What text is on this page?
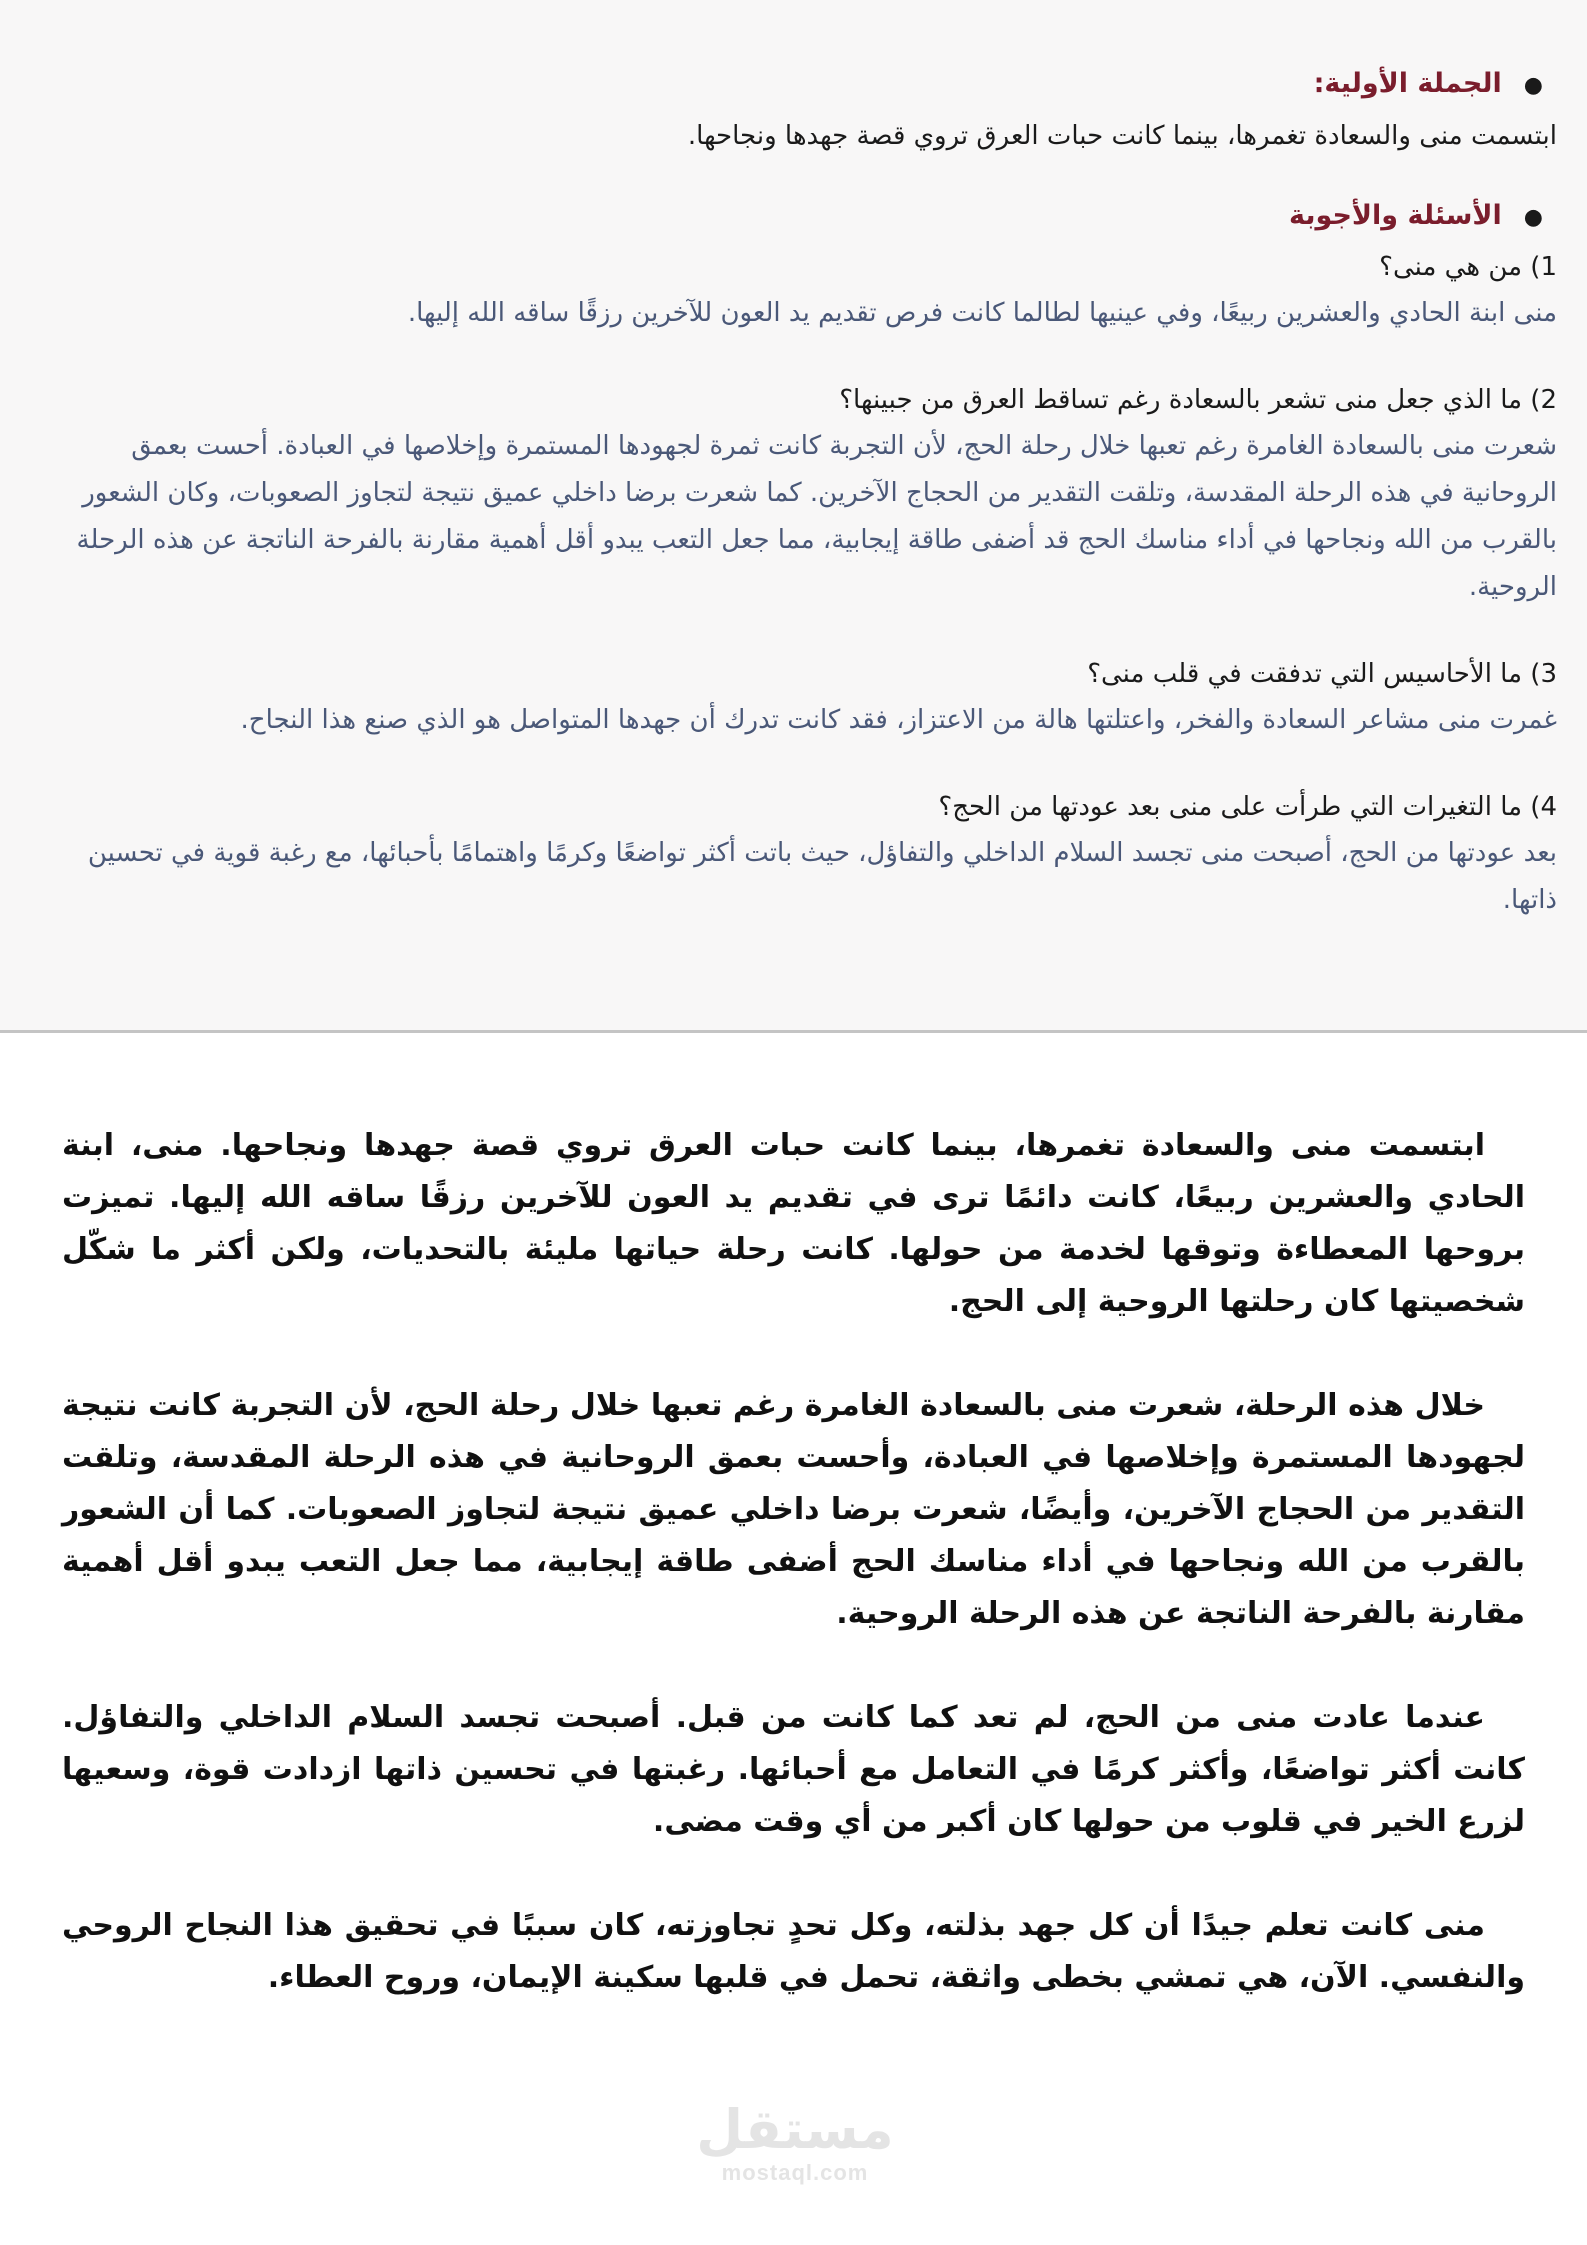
●الجملة الأولية:
ابتسمت منى والسعادة تغمرها، بينما كانت حبات العرق تروي قصة جهدها ونجاحها.
●الأسئلة والأجوبة
1) من هي منى؟
منى ابنة الحادي والعشرين ربيعًا، وفي عينيها لطالما كانت فرص تقديم يد العون للآخرين رزقًا ساقه الله إليها.
2) ما الذي جعل منى تشعر بالسعادة رغم تساقط العرق من جبينها؟
شعرت منى بالسعادة الغامرة رغم تعبها خلال رحلة الحج، لأن التجربة كانت ثمرة لجهودها المستمرة وإخلاصها في العبادة. أحست بعمق الروحانية في هذه الرحلة المقدسة، وتلقت التقدير من الحجاج الآخرين. كما شعرت برضا داخلي عميق نتيجة لتجاوز الصعوبات، وكان الشعور بالقرب من الله ونجاحها في أداء مناسك الحج قد أضفى طاقة إيجابية، مما جعل التعب يبدو أقل أهمية مقارنة بالفرحة الناتجة عن هذه الرحلة الروحية.
3) ما الأحاسيس التي تدفقت في قلب منى؟
غمرت منى مشاعر السعادة والفخر، واعتلتها هالة من الاعتزاز، فقد كانت تدرك أن جهدها المتواصل هو الذي صنع هذا النجاح.
4) ما التغيرات التي طرأت على منى بعد عودتها من الحج؟
بعد عودتها من الحج، أصبحت منى تجسد السلام الداخلي والتفاؤل، حيث باتت أكثر تواضعًا وكرمًا واهتمامًا بأحبائها، مع رغبة قوية في تحسين ذاتها.

ابتسمت منى والسعادة تغمرها، بينما كانت حبات العرق تروي قصة جهدها ونجاحها. منى، ابنة الحادي والعشرين ربيعًا، كانت دائمًا ترى في تقديم يد العون للآخرين رزقًا ساقه الله إليها. تميزت بروحها المعطاءة وتوقها لخدمة من حولها. كانت رحلة حياتها مليئة بالتحديات، ولكن أكثر ما شكّل شخصيتها كان رحلتها الروحية إلى الحج.

خلال هذه الرحلة، شعرت منى بالسعادة الغامرة رغم تعبها خلال رحلة الحج، لأن التجربة كانت نتيجة لجهودها المستمرة وإخلاصها في العبادة، وأحست بعمق الروحانية في هذه الرحلة المقدسة، وتلقت التقدير من الحجاج الآخرين، وأيضًا، شعرت برضا داخلي عميق نتيجة لتجاوز الصعوبات. كما أن الشعور بالقرب من الله ونجاحها في أداء مناسك الحج أضفى طاقة إيجابية، مما جعل التعب يبدو أقل أهمية مقارنة بالفرحة الناتجة عن هذه الرحلة الروحية.

عندما عادت منى من الحج، لم تعد كما كانت من قبل. أصبحت تجسد السلام الداخلي والتفاؤل. كانت أكثر تواضعًا، وأكثر كرمًا في التعامل مع أحبائها. رغبتها في تحسين ذاتها ازدادت قوة، وسعيها لزرع الخير في قلوب من حولها كان أكبر من أي وقت مضى.

منى كانت تعلم جيدًا أن كل جهد بذلته، وكل تحدٍ تجاوزته، كان سببًا في تحقيق هذا النجاح الروحي والنفسي. الآن، هي تمشي بخطى واثقة، تحمل في قلبها سكينة الإيمان، وروح العطاء.

مستقل
mostaql.com
